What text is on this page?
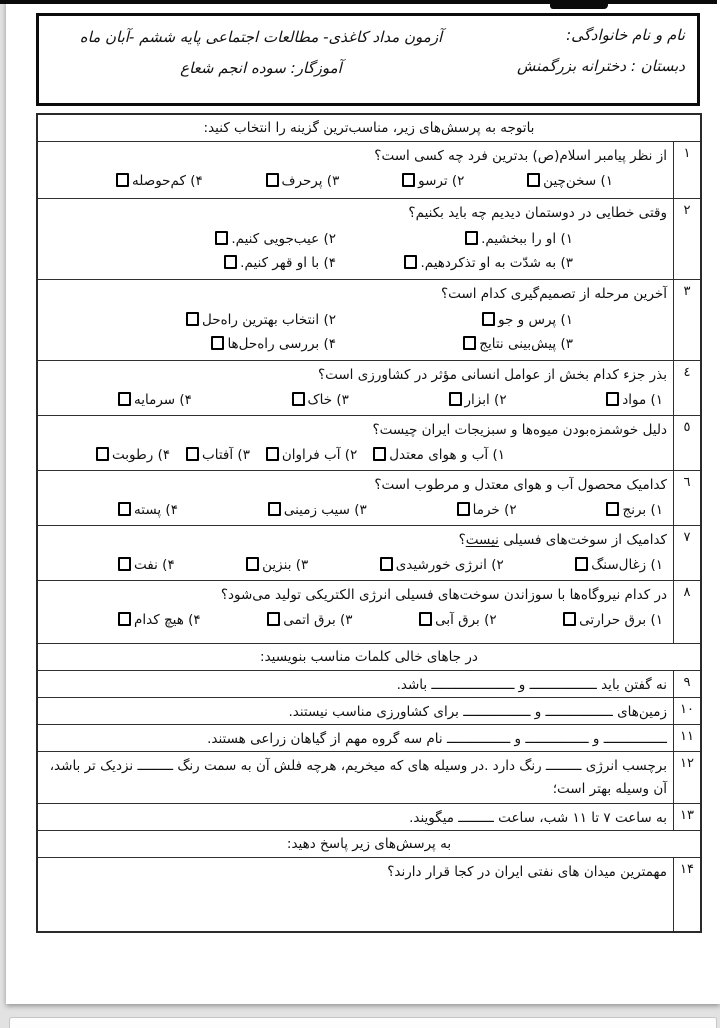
نام و نام خانوادگی:
دبستان : دخترانه بزرگمنش
آزمون مداد کاغذی- مطالعات اجتماعی پایه ششم -آبان ماه
آموزگار: سوده انجم شعاع
باتوجه به پرسش‌های زیر، مناسب‌ترین گزینه را انتخاب کنید:
١
از نظر پیامبر اسلام(ص) بدترین فرد چه کسی است؟
۱) سخن‌چین
۲) ترسو
۳) پرحرف
۴) کم‌حوصله
٢
وقتی خطایی در دوستمان دیدیم چه باید بکنیم؟
۱) او را ببخشیم.
۲) عیب‌جویی کنیم.
۳) به شدّت به او تذکردهیم.
۴) با او قهر کنیم.
٣
آخرین مرحله از تصمیم‌گیری کدام است؟
۱) پرس و جو
۲) انتخاب بهترین راه‌حل
۳) پیش‌بینی نتایج
۴) بررسی راه‌حل‌ها
٤
بذر جزء کدام بخش از عوامل انسانی مؤثر در کشاورزی است؟
۱) مواد
۲) ابزار
۳) خاک
۴) سرمایه
٥
دلیل خوشمزه‌بودن میوه‌ها و سبزیجات ایران چیست؟
۱) آب و هوای معتدل
۲) آب فراوان
۳) آفتاب
۴) رطوبت
٦
کدامیک محصول آب و هوای معتدل و مرطوب است؟
۱) برنج
۲) خرما
۳) سیب زمینی
۴) پسته
٧
کدامیک از سوخت‌های فسیلی نیست؟
۱) زغال‌سنگ
۲) انرژی خورشیدی
۳) بنزین
۴) نفت
٨
در کدام نیروگاه‌ها با سوزاندن سوخت‌های فسیلی انرژی الکتریکی تولید می‌شود؟
۱) برق حرارتی
۲) برق آبی
۳) برق اتمی
۴) هیچ کدام
در جاهای خالی کلمات مناسب بنویسید:
٩
نه گفتن باید ـــــــــــــــــ و ـــــــــــــــــــــ باشد.
١٠
زمین‌های ـــــــــــــــــ و ـــــــــــــــــ برای کشاورزی مناسب نیستند.
١١
ــــــــــــــــ و ــــــــــــــــ و ــــــــــــــــ نام سه گروه مهم از گیاهان زراعی هستند.
١٢
برچسب انرژی ـــــــــ رنگ دارد .در وسیله های که میخریم، هرچه فلش آن به سمت رنگ ـــــــــ نزدیک تر باشد، آن وسیله بهتر است؛
١٣
به ساعت ۷ تا ۱۱ شب، ساعت ـــــــــ میگویند.
به پرسش‌های زیر پاسخ دهید:
١۴
مهمترین میدان های نفتی ایران در کجا قرار دارند؟
